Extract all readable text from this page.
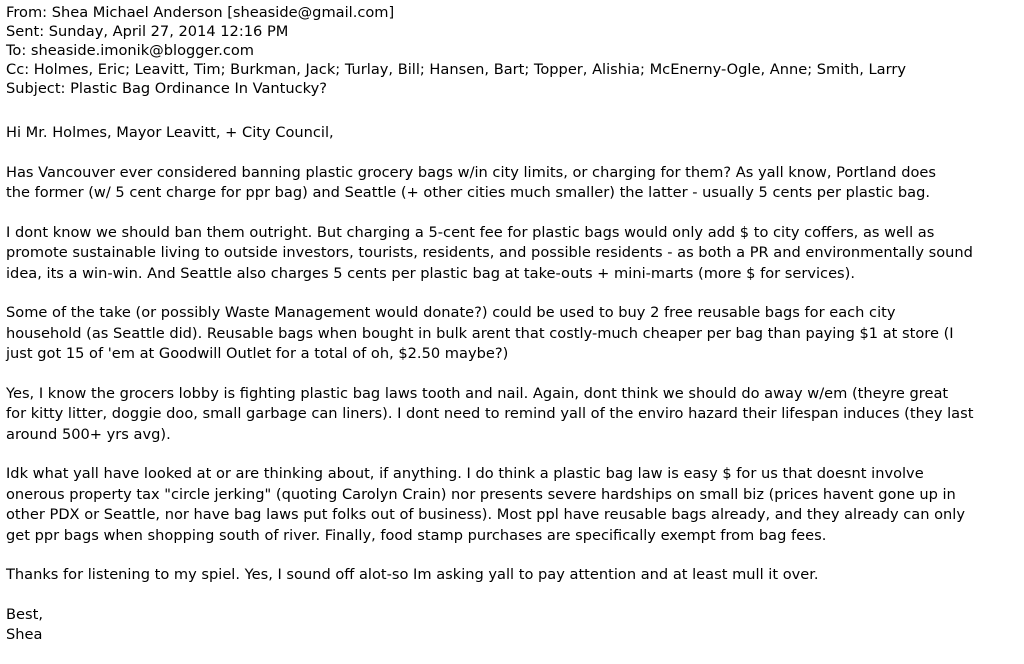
From: Shea Michael Anderson [sheaside@gmail.com]
Sent: Sunday, April 27, 2014 12:16 PM
To: sheaside.imonik@blogger.com
Cc: Holmes, Eric; Leavitt, Tim; Burkman, Jack; Turlay, Bill; Hansen, Bart; Topper, Alishia; McEnerny-Ogle, Anne; Smith, Larry
Subject: Plastic Bag Ordinance In Vantucky?
Hi Mr. Holmes, Mayor Leavitt, + City Council,
Has Vancouver ever considered banning plastic grocery bags w/in city limits, or charging for them? As yall know, Portland does
the former (w/ 5 cent charge for ppr bag) and Seattle (+ other cities much smaller) the latter - usually 5 cents per plastic bag.
I dont know we should ban them outright. But charging a 5-cent fee for plastic bags would only add $ to city coffers, as well as
promote sustainable living to outside investors, tourists, residents, and possible residents - as both a PR and environmentally sound
idea, its a win-win. And Seattle also charges 5 cents per plastic bag at take-outs + mini-marts (more $ for services).
Some of the take (or possibly Waste Management would donate?) could be used to buy 2 free reusable bags for each city
household (as Seattle did). Reusable bags when bought in bulk arent that costly-much cheaper per bag than paying $1 at store (I
just got 15 of 'em at Goodwill Outlet for a total of oh, $2.50 maybe?)
Yes, I know the grocers lobby is fighting plastic bag laws tooth and nail. Again, dont think we should do away w/em (theyre great
for kitty litter, doggie doo, small garbage can liners). I dont need to remind yall of the enviro hazard their lifespan induces (they last
around 500+ yrs avg).
Idk what yall have looked at or are thinking about, if anything. I do think a plastic bag law is easy $ for us that doesnt involve
onerous property tax "circle jerking" (quoting Carolyn Crain) nor presents severe hardships on small biz (prices havent gone up in
other PDX or Seattle, nor have bag laws put folks out of business). Most ppl have reusable bags already, and they already can only
get ppr bags when shopping south of river. Finally, food stamp purchases are specifically exempt from bag fees.
Thanks for listening to my spiel. Yes, I sound off alot-so Im asking yall to pay attention and at least mull it over.
Best,
Shea
